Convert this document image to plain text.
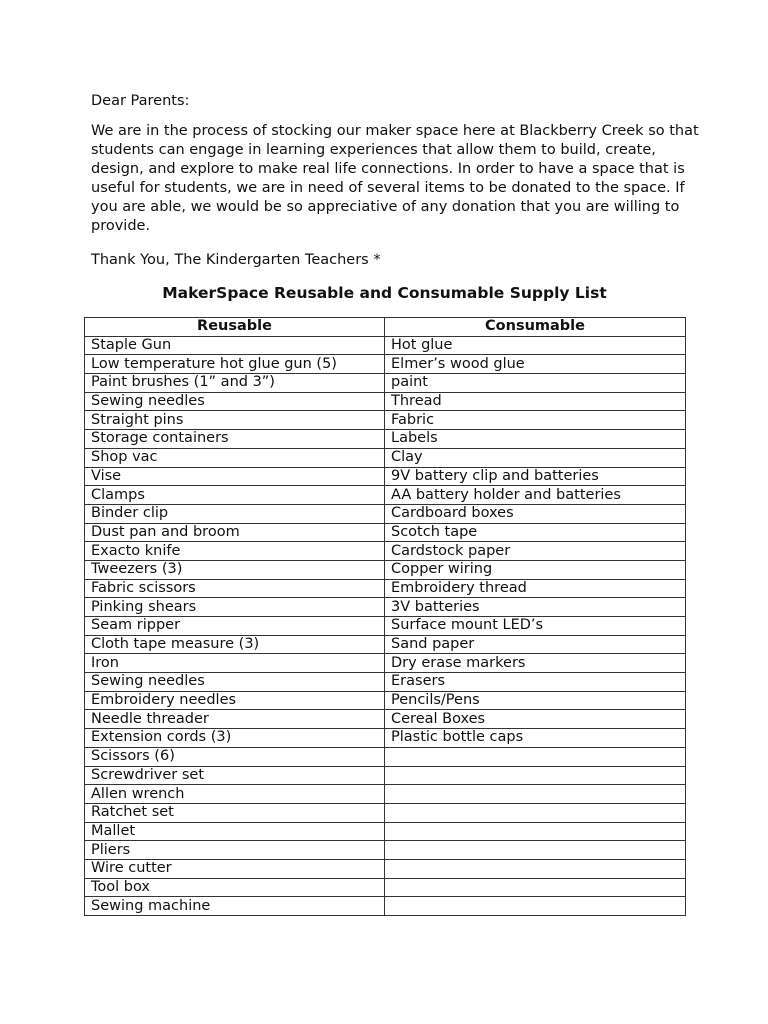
Dear Parents:

We are in the process of stocking our maker space here at Blackberry Creek so that
students can engage in learning experiences that allow them to build, create,
design, and explore to make real life connections. In order to have a space that is
useful for students, we are in need of several items to be donated to the space. If
you are able, we would be so appreciative of any donation that you are willing to
provide.

Thank You, The Kindergarten Teachers *

MakerSpace Reusable and Consumable Supply List
Reusable	Consumable
Staple Gun	Hot glue
Low temperature hot glue gun (5)	Elmer’s wood glue
Paint brushes (1” and 3”)	paint
Sewing needles	Thread
Straight pins	Fabric
Storage containers	Labels
Shop vac	Clay
Vise	9V battery clip and batteries
Clamps	AA battery holder and batteries
Binder clip	Cardboard boxes
Dust pan and broom	Scotch tape
Exacto knife	Cardstock paper
Tweezers (3)	Copper wiring
Fabric scissors	Embroidery thread
Pinking shears	3V batteries
Seam ripper	Surface mount LED’s
Cloth tape measure (3)	Sand paper
Iron	Dry erase markers
Sewing needles	Erasers
Embroidery needles	Pencils/Pens
Needle threader	Cereal Boxes
Extension cords (3)	Plastic bottle caps
Scissors (6)	
Screwdriver set	
Allen wrench	
Ratchet set	
Mallet	
Pliers	
Wire cutter	
Tool box	
Sewing machine	
